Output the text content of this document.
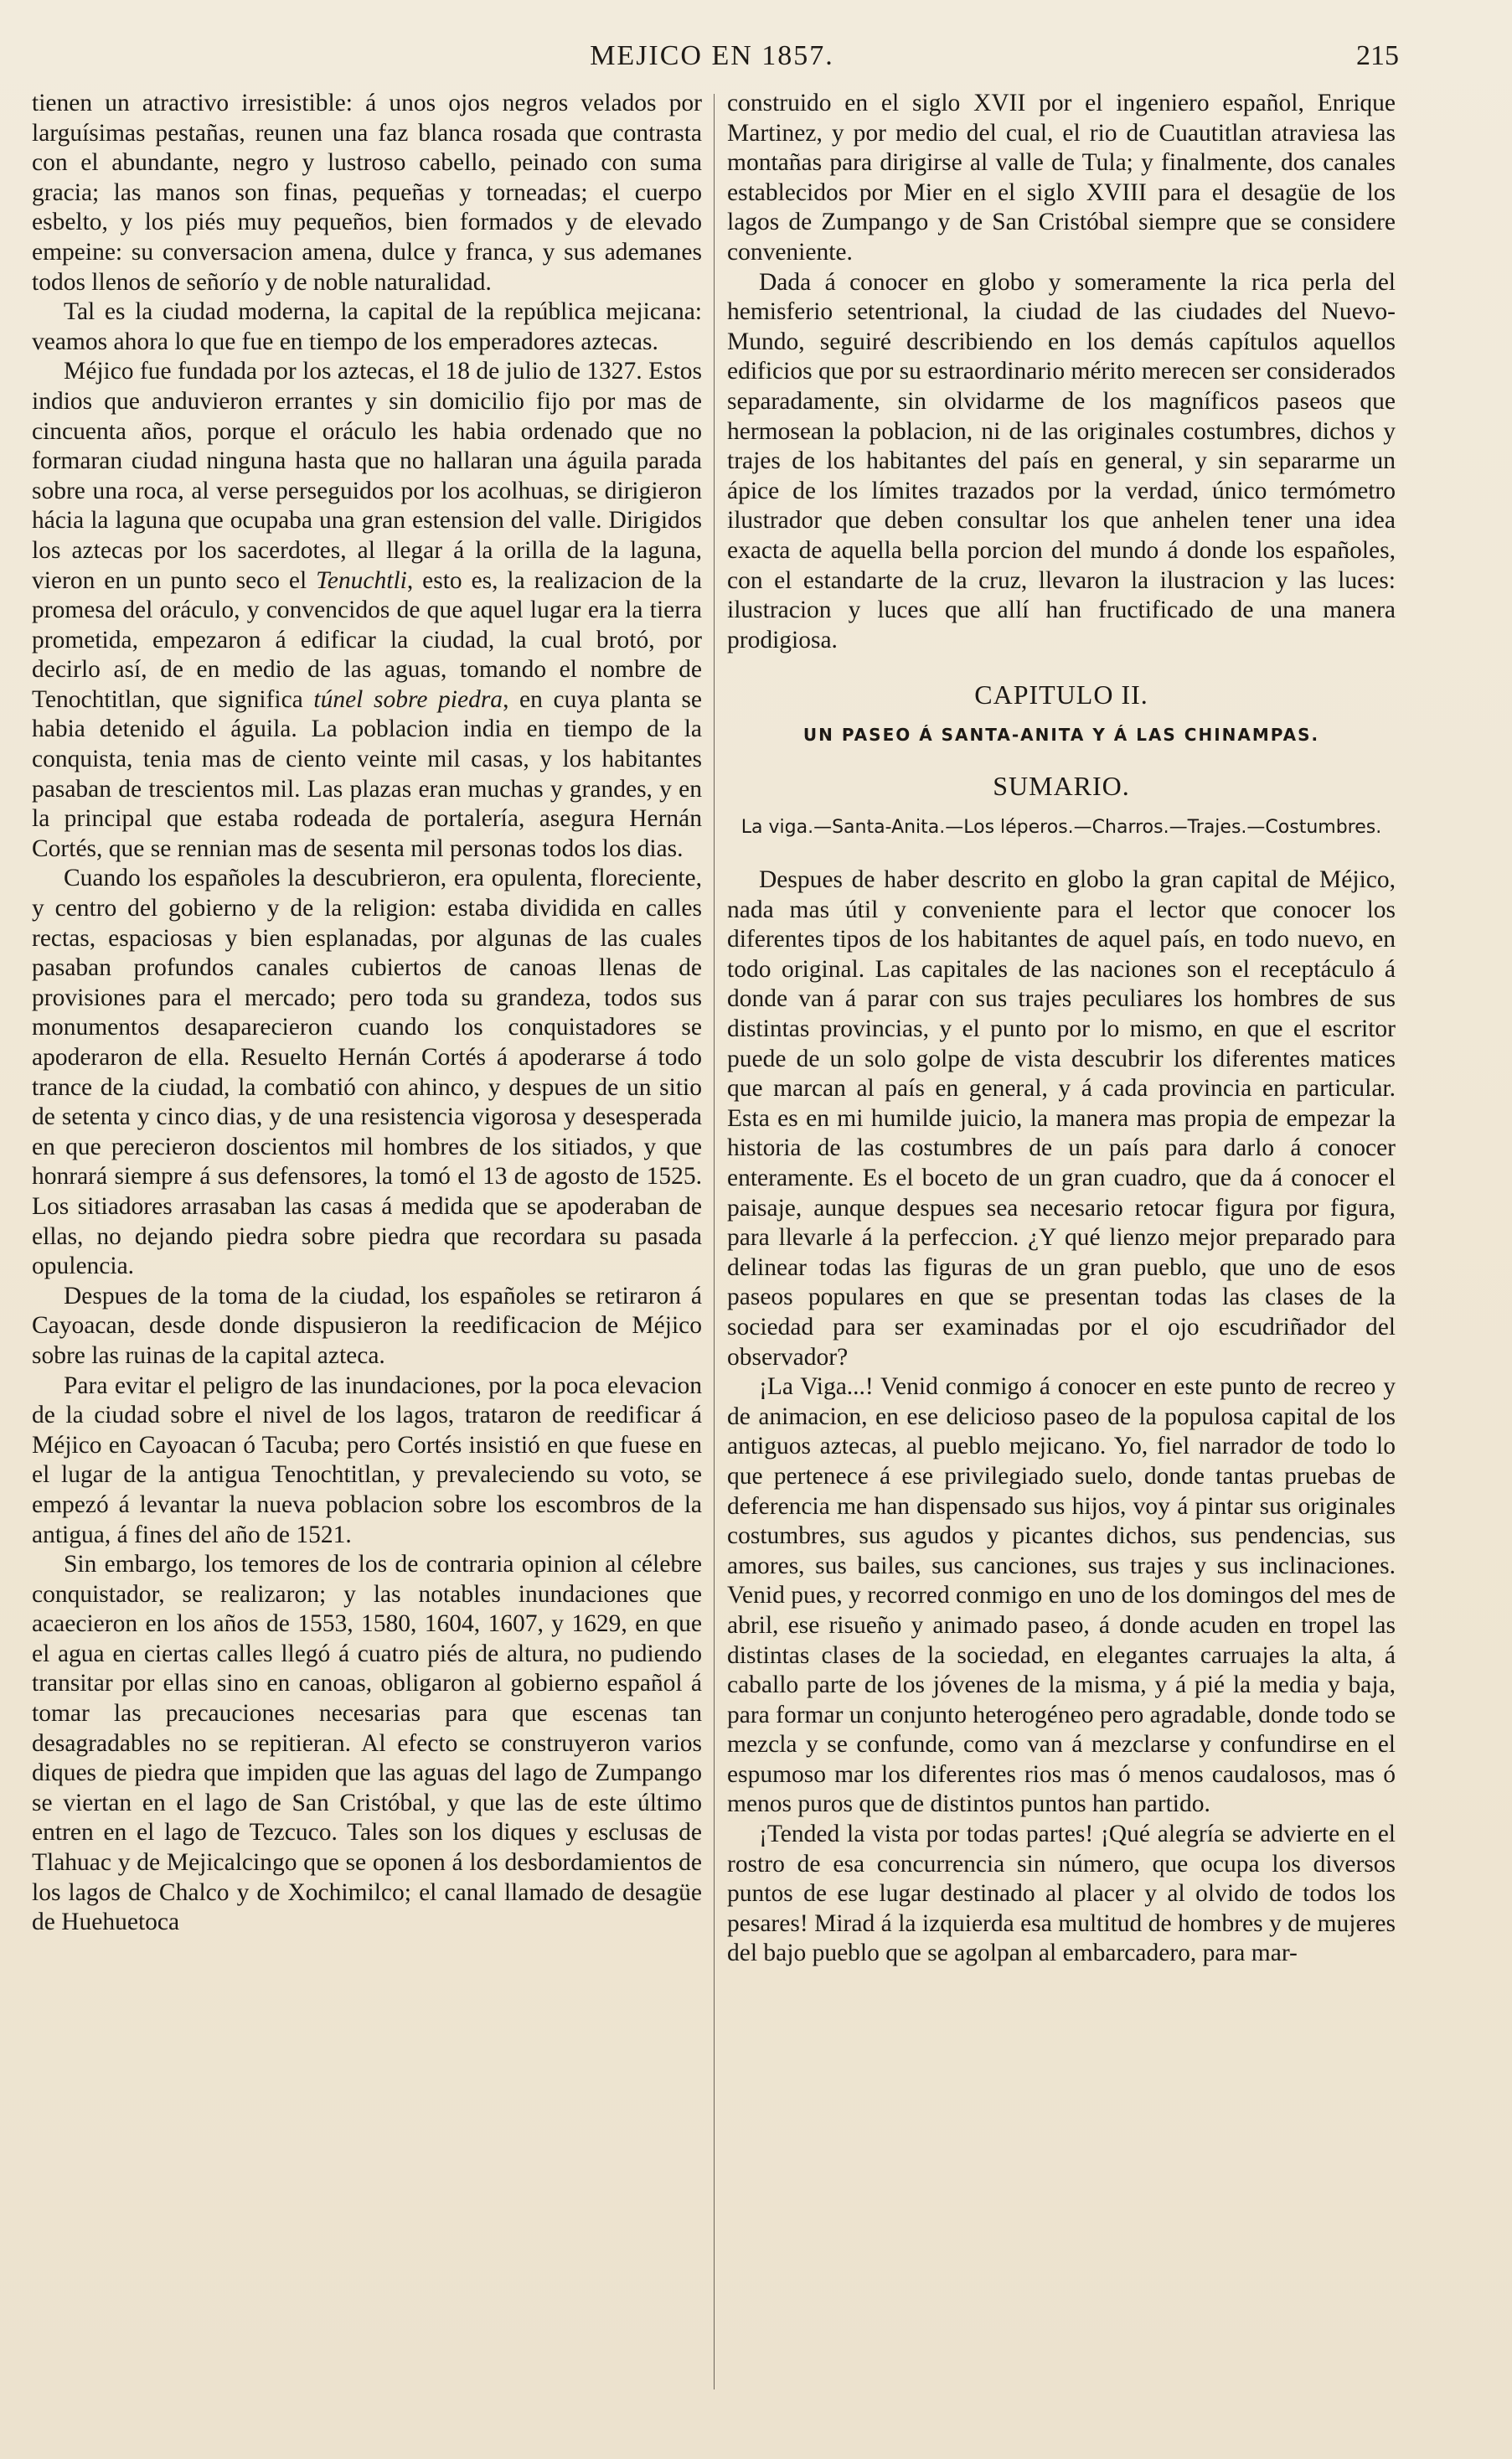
MEJICO EN 1857.	215

tienen un atractivo irresistible: á unos ojos negros velados por larguísimas pestañas, reunen una faz blanca rosada que contrasta con el abundante, negro y lustroso cabello, peinado con suma gracia; las manos son finas, pequeñas y torneadas; el cuerpo esbelto, y los piés muy pequeños, bien formados y de elevado empeine: su conversacion amena, dulce y franca, y sus ademanes todos llenos de señorío y de noble naturalidad.

Tal es la ciudad moderna, la capital de la república mejicana: veamos ahora lo que fue en tiempo de los emperadores aztecas.

Méjico fue fundada por los aztecas, el 18 de julio de 1327. Estos indios que anduvieron errantes y sin domicilio fijo por mas de cincuenta años, porque el oráculo les habia ordenado que no formaran ciudad ninguna hasta que no hallaran una águila parada sobre una roca, al verse perseguidos por los acolhuas, se dirigieron hácia la laguna que ocupaba una gran estension del valle. Dirigidos los aztecas por los sacerdotes, al llegar á la orilla de la laguna, vieron en un punto seco el Tenuchtli, esto es, la realizacion de la promesa del oráculo, y convencidos de que aquel lugar era la tierra prometida, empezaron á edificar la ciudad, la cual brotó, por decirlo así, de en medio de las aguas, tomando el nombre de Tenochtitlan, que significa túnel sobre piedra, en cuya planta se habia detenido el águila. La poblacion india en tiempo de la conquista, tenia mas de ciento veinte mil casas, y los habitantes pasaban de trescientos mil. Las plazas eran muchas y grandes, y en la principal que estaba rodeada de portalería, asegura Hernán Cortés, que se rennian mas de sesenta mil personas todos los dias.

Cuando los españoles la descubrieron, era opulenta, floreciente, y centro del gobierno y de la religion: estaba dividida en calles rectas, espaciosas y bien esplanadas, por algunas de las cuales pasaban profundos canales cubiertos de canoas llenas de provisiones para el mercado; pero toda su grandeza, todos sus monumentos desaparecieron cuando los conquistadores se apoderaron de ella. Resuelto Hernán Cortés á apoderarse á todo trance de la ciudad, la combatió con ahinco, y despues de un sitio de setenta y cinco dias, y de una resistencia vigorosa y desesperada en que perecieron doscientos mil hombres de los sitiados, y que honrará siempre á sus defensores, la tomó el 13 de agosto de 1525. Los sitiadores arrasaban las casas á medida que se apoderaban de ellas, no dejando piedra sobre piedra que recordara su pasada opulencia.

Despues de la toma de la ciudad, los españoles se retiraron á Cayoacan, desde donde dispusieron la reedificacion de Méjico sobre las ruinas de la capital azteca.

Para evitar el peligro de las inundaciones, por la poca elevacion de la ciudad sobre el nivel de los lagos, trataron de reedificar á Méjico en Cayoacan ó Tacuba; pero Cortés insistió en que fuese en el lugar de la antigua Tenochtitlan, y prevaleciendo su voto, se empezó á levantar la nueva poblacion sobre los escombros de la antigua, á fines del año de 1521.

Sin embargo, los temores de los de contraria opinion al célebre conquistador, se realizaron; y las notables inundaciones que acaecieron en los años de 1553, 1580, 1604, 1607, y 1629, en que el agua en ciertas calles llegó á cuatro piés de altura, no pudiendo transitar por ellas sino en canoas, obligaron al gobierno español á tomar las precauciones necesarias para que escenas tan desagradables no se repitieran. Al efecto se construyeron varios diques de piedra que impiden que las aguas del lago de Zumpango se viertan en el lago de San Cristóbal, y que las de este último entren en el lago de Tezcuco. Tales son los diques y esclusas de Tlahuac y de Mejicalcingo que se oponen á los desbordamientos de los lagos de Chalco y de Xochimilco; el canal llamado de desagüe de Huehuetoca

construido en el siglo XVII por el ingeniero español, Enrique Martinez, y por medio del cual, el rio de Cuautitlan atraviesa las montañas para dirigirse al valle de Tula; y finalmente, dos canales establecidos por Mier en el siglo XVIII para el desagüe de los lagos de Zumpango y de San Cristóbal siempre que se considere conveniente.

Dada á conocer en globo y someramente la rica perla del hemisferio setentrional, la ciudad de las ciudades del Nuevo-Mundo, seguiré describiendo en los demás capítulos aquellos edificios que por su estraordinario mérito merecen ser considerados separadamente, sin olvidarme de los magníficos paseos que hermosean la poblacion, ni de las originales costumbres, dichos y trajes de los habitantes del país en general, y sin separarme un ápice de los límites trazados por la verdad, único termómetro ilustrador que deben consultar los que anhelen tener una idea exacta de aquella bella porcion del mundo á donde los españoles, con el estandarte de la cruz, llevaron la ilustracion y las luces: ilustracion y luces que allí han fructificado de una manera prodigiosa.

CAPITULO II.
UN PASEO Á SANTA-ANITA Y Á LAS CHINAMPAS.
SUMARIO.
La viga.—Santa-Anita.—Los léperos.—Charros.—Trajes.—Costumbres.

Despues de haber descrito en globo la gran capital de Méjico, nada mas útil y conveniente para el lector que conocer los diferentes tipos de los habitantes de aquel país, en todo nuevo, en todo original. Las capitales de las naciones son el receptáculo á donde van á parar con sus trajes peculiares los hombres de sus distintas provincias, y el punto por lo mismo, en que el escritor puede de un solo golpe de vista descubrir los diferentes matices que marcan al país en general, y á cada provincia en particular. Esta es en mi humilde juicio, la manera mas propia de empezar la historia de las costumbres de un país para darlo á conocer enteramente. Es el boceto de un gran cuadro, que da á conocer el paisaje, aunque despues sea necesario retocar figura por figura, para llevarle á la perfeccion. ¿Y qué lienzo mejor preparado para delinear todas las figuras de un gran pueblo, que uno de esos paseos populares en que se presentan todas las clases de la sociedad para ser examinadas por el ojo escudriñador del observador?

¡La Viga...! Venid conmigo á conocer en este punto de recreo y de animacion, en ese delicioso paseo de la populosa capital de los antiguos aztecas, al pueblo mejicano. Yo, fiel narrador de todo lo que pertenece á ese privilegiado suelo, donde tantas pruebas de deferencia me han dispensado sus hijos, voy á pintar sus originales costumbres, sus agudos y picantes dichos, sus pendencias, sus amores, sus bailes, sus canciones, sus trajes y sus inclinaciones. Venid pues, y recorred conmigo en uno de los domingos del mes de abril, ese risueño y animado paseo, á donde acuden en tropel las distintas clases de la sociedad, en elegantes carruajes la alta, á caballo parte de los jóvenes de la misma, y á pié la media y baja, para formar un conjunto heterogéneo pero agradable, donde todo se mezcla y se confunde, como van á mezclarse y confundirse en el espumoso mar los diferentes rios mas ó menos caudalosos, mas ó menos puros que de distintos puntos han partido.

¡Tended la vista por todas partes! ¡Qué alegría se advierte en el rostro de esa concurrencia sin número, que ocupa los diversos puntos de ese lugar destinado al placer y al olvido de todos los pesares! Mirad á la izquierda esa multitud de hombres y de mujeres del bajo pueblo que se agolpan al embarcadero, para mar-
